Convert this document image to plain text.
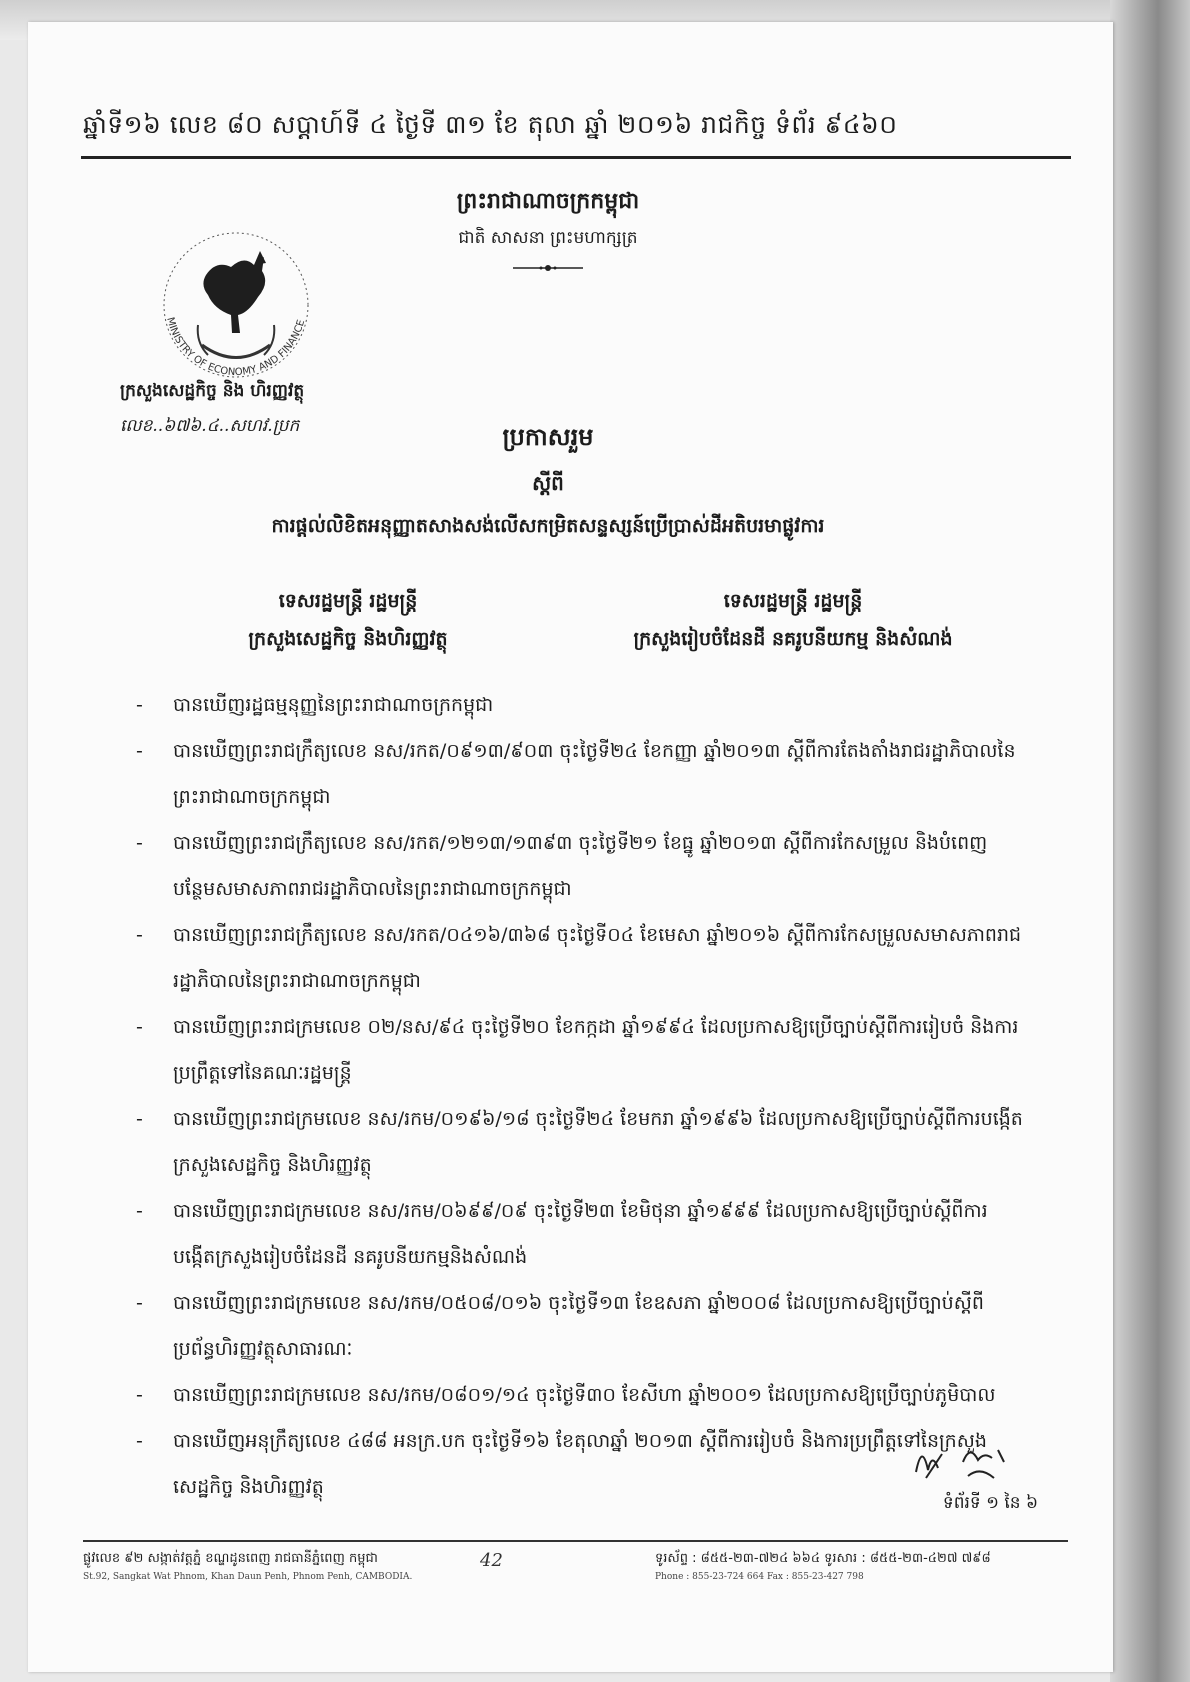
ឆ្នាំទី១៦ លេខ ៨០ សប្តាហ៍ទី ៤ ថ្ងៃទី ៣១ ខែ តុលា ឆ្នាំ ២០១៦ រាជកិច្ច ទំព័រ ៩៤៦០
ព្រះរាជាណាចក្រកម្ពុជា
ជាតិ សាសនា ព្រះមហាក្សត្រ
MINISTRY OF ECONOMY AND FINANCE
ក្រសួងសេដ្ឋកិច្ច និង ហិរញ្ញវត្ថុ
លេខ..៦៧៦.៤..សហវ.ប្រក	ប្រកាសរួម
ស្តីពី
ការផ្តល់លិខិតអនុញ្ញាតសាងសង់លើសកម្រិតសន្ទស្សន៍ប្រើប្រាស់ដីអតិបរមាផ្លូវការ
ទេសរដ្ឋមន្ត្រី រដ្ឋមន្ត្រី
ក្រសួងសេដ្ឋកិច្ច និងហិរញ្ញវត្ថុ
ទេសរដ្ឋមន្ត្រី រដ្ឋមន្ត្រី
ក្រសួងរៀបចំដែនដី នគរូបនីយកម្ម និងសំណង់
- បានឃើញរដ្ឋធម្មនុញ្ញនៃព្រះរាជាណាចក្រកម្ពុជា
- បានឃើញព្រះរាជក្រឹត្យលេខ នស/រកត/០៩១៣/៩០៣ ចុះថ្ងៃទី២៤ ខែកញ្ញា ឆ្នាំ២០១៣ ស្តីពីការតែងតាំងរាជរដ្ឋាភិបាលនៃព្រះរាជាណាចក្រកម្ពុជា
- បានឃើញព្រះរាជក្រឹត្យលេខ នស/រកត/១២១៣/១៣៩៣ ចុះថ្ងៃទី២១ ខែធ្នូ ឆ្នាំ២០១៣ ស្តីពីការកែសម្រួល និងបំពេញបន្ថែមសមាសភាពរាជរដ្ឋាភិបាលនៃព្រះរាជាណាចក្រកម្ពុជា
- បានឃើញព្រះរាជក្រឹត្យលេខ នស/រកត/០៤១៦/៣៦៨ ចុះថ្ងៃទី០៤ ខែមេសា ឆ្នាំ២០១៦ ស្តីពីការកែសម្រួលសមាសភាពរាជរដ្ឋាភិបាលនៃព្រះរាជាណាចក្រកម្ពុជា
- បានឃើញព្រះរាជក្រមលេខ ០២/នស/៩៤ ចុះថ្ងៃទី២០ ខែកក្កដា ឆ្នាំ១៩៩៤ ដែលប្រកាសឱ្យប្រើច្បាប់ស្តីពីការរៀបចំ និងការប្រព្រឹត្តទៅនៃគណៈរដ្ឋមន្ត្រី
- បានឃើញព្រះរាជក្រមលេខ នស/រកម/០១៩៦/១៨ ចុះថ្ងៃទី២៤ ខែមករា ឆ្នាំ១៩៩៦ ដែលប្រកាសឱ្យប្រើច្បាប់ស្តីពីការបង្កើតក្រសួងសេដ្ឋកិច្ច និងហិរញ្ញវត្ថុ
- បានឃើញព្រះរាជក្រមលេខ នស/រកម/០៦៩៩/០៩ ចុះថ្ងៃទី២៣ ខែមិថុនា ឆ្នាំ១៩៩៩ ដែលប្រកាសឱ្យប្រើច្បាប់ស្តីពីការបង្កើតក្រសួងរៀបចំដែនដី នគរូបនីយកម្មនិងសំណង់
- បានឃើញព្រះរាជក្រមលេខ នស/រកម/០៥០៨/០១៦ ចុះថ្ងៃទី១៣ ខែឧសភា ឆ្នាំ២០០៨ ដែលប្រកាសឱ្យប្រើច្បាប់ស្តីពីប្រព័ន្ធហិរញ្ញវត្ថុសាធារណៈ
- បានឃើញព្រះរាជក្រមលេខ នស/រកម/០៨០១/១៤ ចុះថ្ងៃទី៣០ ខែសីហា ឆ្នាំ២០០១ ដែលប្រកាសឱ្យប្រើច្បាប់ភូមិបាល
- បានឃើញអនុក្រឹត្យលេខ ៤៨៨ អនក្រ.បក ចុះថ្ងៃទី១៦ ខែតុលាឆ្នាំ ២០១៣ ស្តីពីការរៀបចំ និងការប្រព្រឹត្តទៅនៃក្រសួងសេដ្ឋកិច្ច និងហិរញ្ញវត្ថុ
ទំព័រទី ១ នៃ ៦
ផ្លូវលេខ ៩២ សង្កាត់វត្តភ្នំ ខណ្ឌដូនពេញ រាជធានីភ្នំពេញ កម្ពុជា
St.92, Sangkat Wat Phnom, Khan Daun Penh, Phnom Penh, CAMBODIA.
42	ទូរស័ព្ទ : ៨៥៥-២៣-៧២៤ ៦៦៤ ទូរសារ : ៨៥៥-២៣-៤២៧ ៧៩៨
Phone : 855-23-724 664 Fax : 855-23-427 798
